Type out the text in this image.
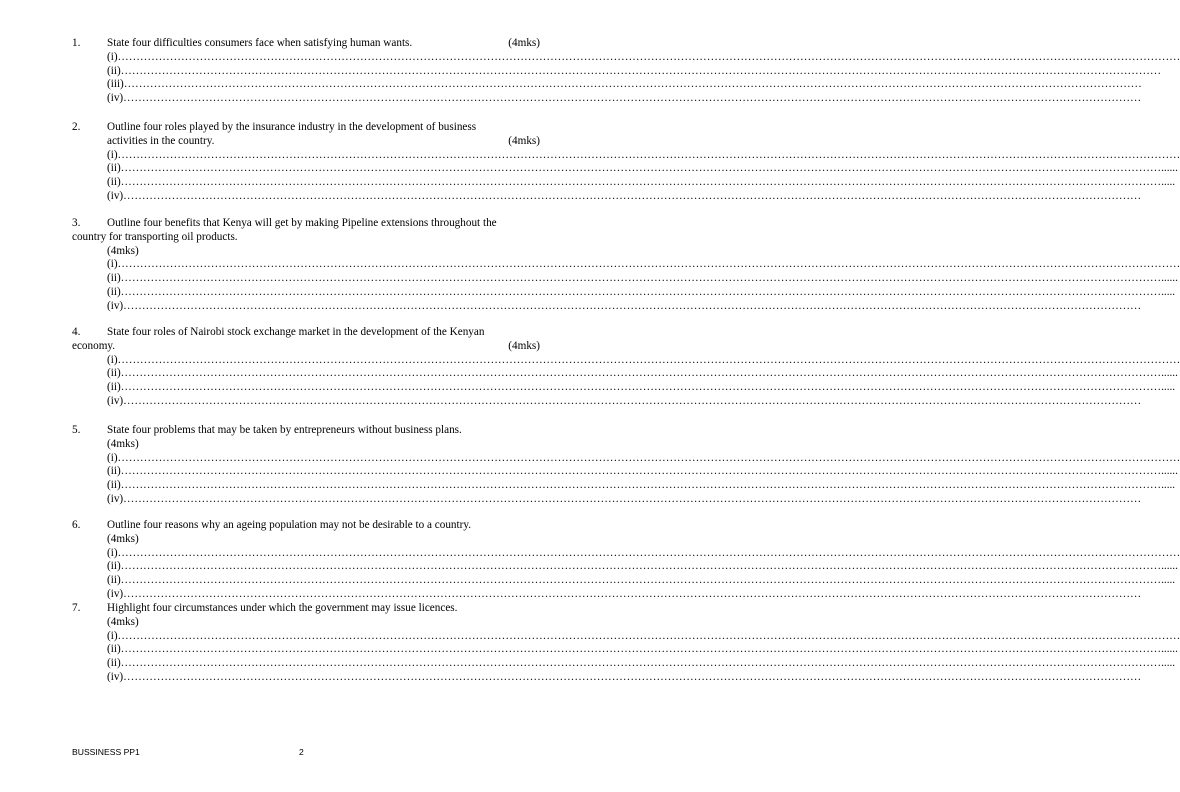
1. State four difficulties consumers face when satisfying human wants.	(4mks)
(i)……………………………………………………………………………………………………………………………………………………………………………………………………………………………………………………………
(ii)………………………………………………………………………………………………………………………………………………………………………………………………………………………………………………………
(iii)…………………………………………………………………………………………………………………………………………………………………………………………………………………………………………………
(iv)…………………………………………………………………………………………………………………………………………………………………………………………………………………………………………………
2. Outline four roles played by the insurance industry in the development of business
activities in the country.	(4mks)
(i)……………………………………………………………………………………………………………………………………………………………………………………………………………………………………………………………
(ii)………………………………………………………………………………………………………………………………………………………………………………………………………………………………………………………......
(ii)……………………………………………………………………………………………………………………………………………………………………………………………………………………………………………………….....
(iv)…………………………………………………………………………………………………………………………………………………………………………………………………………………………………………………
3. Outline four benefits that Kenya will get by making Pipeline extensions throughout the
country for transporting oil products.
(4mks)
(i)……………………………………………………………………………………………………………………………………………………………………………………………………………………………………………………………
(ii)………………………………………………………………………………………………………………………………………………………………………………………………………………………………………………………......
(ii)……………………………………………………………………………………………………………………………………………………………………………………………………………………………………………………….....
(iv)…………………………………………………………………………………………………………………………………………………………………………………………………………………………………………………
4. State four roles of Nairobi stock exchange market in the development of the Kenyan
economy.	(4mks)
(i)……………………………………………………………………………………………………………………………………………………………………………………………………………………………………………………………
(ii)………………………………………………………………………………………………………………………………………………………………………………………………………………………………………………………......
(ii)……………………………………………………………………………………………………………………………………………………………………………………………………………………………………………………….....
(iv)…………………………………………………………………………………………………………………………………………………………………………………………………………………………………………………
5. State four problems that may be taken by entrepreneurs without business plans.
(4mks)
(i)……………………………………………………………………………………………………………………………………………………………………………………………………………………………………………………………
(ii)………………………………………………………………………………………………………………………………………………………………………………………………………………………………………………………......
(ii)……………………………………………………………………………………………………………………………………………………………………………………………………………………………………………………….....
(iv)…………………………………………………………………………………………………………………………………………………………………………………………………………………………………………………
6. Outline four reasons why an ageing population may not be desirable to a country.
(4mks)
(i)……………………………………………………………………………………………………………………………………………………………………………………………………………………………………………………………
(ii)………………………………………………………………………………………………………………………………………………………………………………………………………………………………………………………......
(ii)……………………………………………………………………………………………………………………………………………………………………………………………………………………………………………………….....
(iv)…………………………………………………………………………………………………………………………………………………………………………………………………………………………………………………
7. Highlight four circumstances under which the government may issue licences.
(4mks)
(i)……………………………………………………………………………………………………………………………………………………………………………………………………………………………………………………………
(ii)………………………………………………………………………………………………………………………………………………………………………………………………………………………………………………………......
(ii)……………………………………………………………………………………………………………………………………………………………………………………………………………………………………………………….....
(iv)…………………………………………………………………………………………………………………………………………………………………………………………………………………………………………………
BUSSINESS PP1	2
